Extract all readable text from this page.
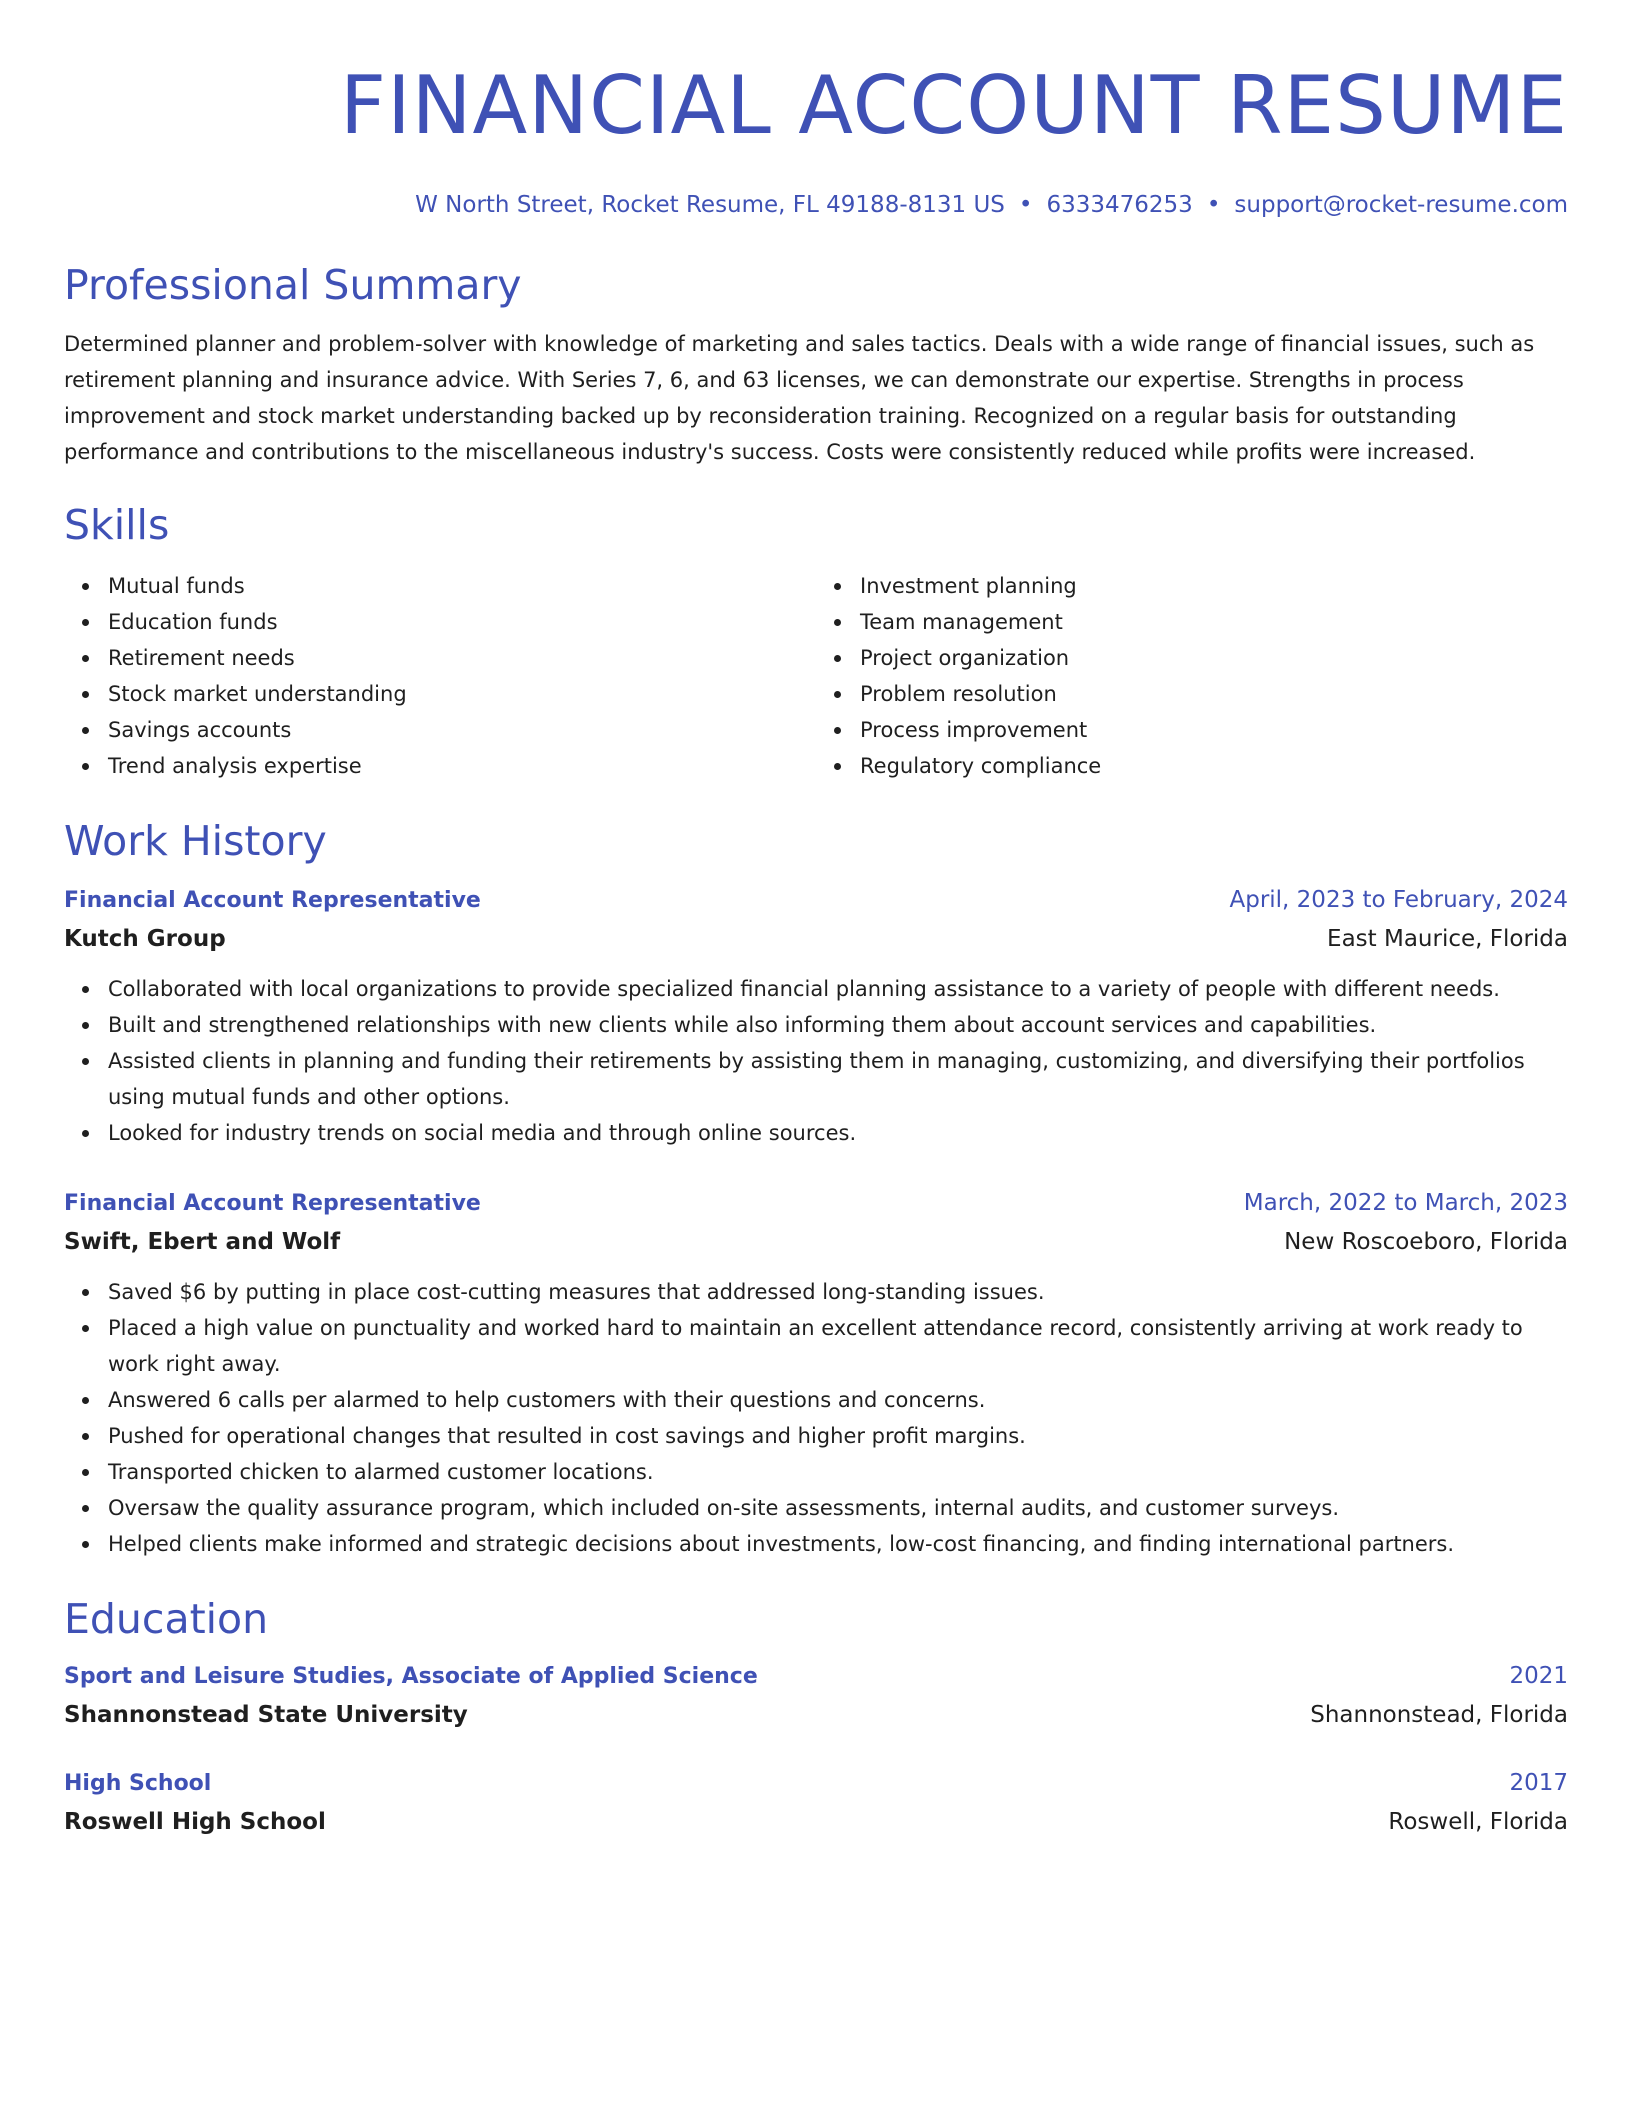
FINANCIAL ACCOUNT RESUME
W North Street, Rocket Resume, FL 49188-8131 US • 6333476253 • support@rocket-resume.com
Professional Summary

Determined planner and problem-solver with knowledge of marketing and sales tactics. Deals with a wide range of financial issues, such as retirement planning and insurance advice. With Series 7, 6, and 63 licenses, we can demonstrate our expertise. Strengths in process improvement and stock market understanding backed up by reconsideration training. Recognized on a regular basis for outstanding performance and contributions to the miscellaneous industry's success. Costs were consistently reduced while profits were increased.

Skills
Mutual funds
Education funds
Retirement needs
Stock market understanding
Savings accounts
Trend analysis expertise
Investment planning
Team management
Project organization
Problem resolution
Process improvement
Regulatory compliance
Work History
Financial Account Representative	April, 2023 to February, 2024
Kutch Group	East Maurice, Florida
Collaborated with local organizations to provide specialized financial planning assistance to a variety of people with different needs.
Built and strengthened relationships with new clients while also informing them about account services and capabilities.
Assisted clients in planning and funding their retirements by assisting them in managing, customizing, and diversifying their portfolios using mutual funds and other options.
Looked for industry trends on social media and through online sources.
Financial Account Representative	March, 2022 to March, 2023
Swift, Ebert and Wolf	New Roscoeboro, Florida
Saved $6 by putting in place cost-cutting measures that addressed long-standing issues.
Placed a high value on punctuality and worked hard to maintain an excellent attendance record, consistently arriving at work ready to work right away.
Answered 6 calls per alarmed to help customers with their questions and concerns.
Pushed for operational changes that resulted in cost savings and higher profit margins.
Transported chicken to alarmed customer locations.
Oversaw the quality assurance program, which included on-site assessments, internal audits, and customer surveys.
Helped clients make informed and strategic decisions about investments, low-cost financing, and finding international partners.
Education
Sport and Leisure Studies, Associate of Applied Science	2021
Shannonstead State University	Shannonstead, Florida
High School	2017
Roswell High School	Roswell, Florida
